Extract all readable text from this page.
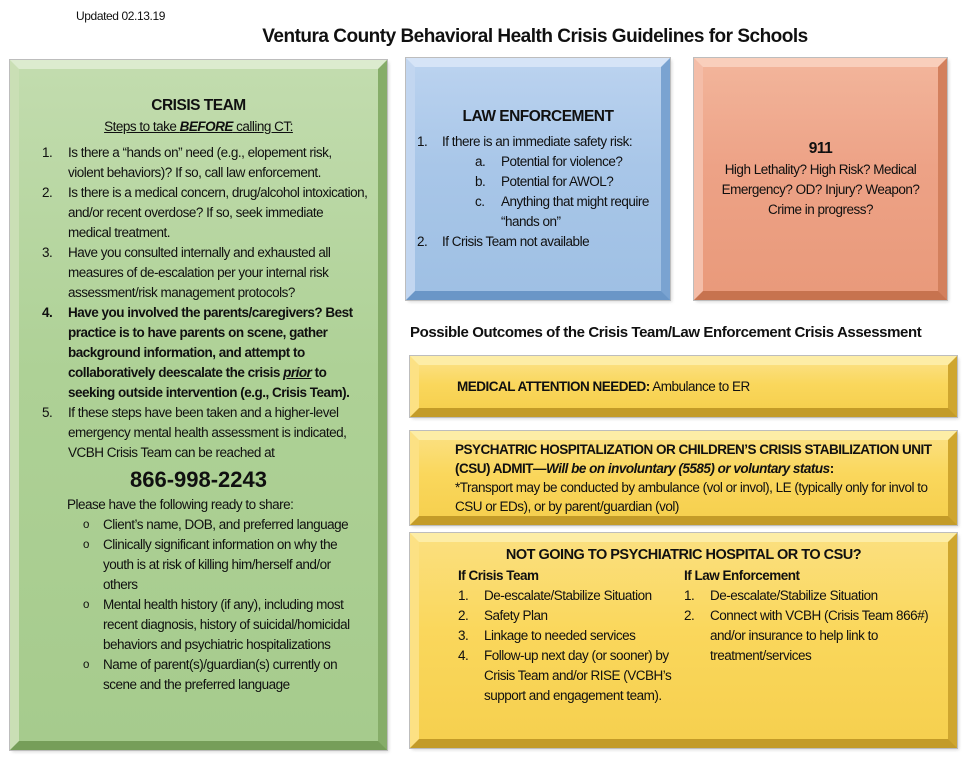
Updated 02.13.19
Ventura County Behavioral Health Crisis Guidelines for Schools
CRISIS TEAM
Steps to take BEFORE calling CT:
1.	Is there a “hands on” need (e.g., elopement risk, violent behaviors)? If so, call law enforcement.
2.	Is there is a medical concern, drug/alcohol intoxication, and/or recent overdose? If so, seek immediate medical treatment.
3.	Have you consulted internally and exhausted all measures of de-escalation per your internal risk assessment/risk management protocols?
4.	Have you involved the parents/caregivers? Best practice is to have parents on scene, gather background information, and attempt to collaboratively deescalate the crisis prior to seeking outside intervention (e.g., Crisis Team).
5.	If these steps have been taken and a higher-level emergency mental health assessment is indicated, VCBH Crisis Team can be reached at
866-998-2243
Please have the following ready to share:
o	Client’s name, DOB, and preferred language
o	Clinically significant information on why the youth is at risk of killing him/herself and/or others
o	Mental health history (if any), including most recent diagnosis, history of suicidal/homicidal behaviors and psychiatric hospitalizations
o	Name of parent(s)/guardian(s) currently on scene and the preferred language
LAW ENFORCEMENT
1.	If there is an immediate safety risk:
a.	Potential for violence?
b.	Potential for AWOL?
c.	Anything that might require “hands on”
2.	If Crisis Team not available
911
High Lethality? High Risk? Medical Emergency? OD? Injury? Weapon? Crime in progress?
Possible Outcomes of the Crisis Team/Law Enforcement Crisis Assessment
MEDICAL ATTENTION NEEDED: Ambulance to ER
PSYCHATRIC HOSPITALIZATION OR CHILDREN’S CRISIS STABILIZATION UNIT (CSU) ADMIT—Will be on involuntary (5585) or voluntary status:
*Transport may be conducted by ambulance (vol or invol), LE (typically only for invol to CSU or EDs), or by parent/guardian (vol)
NOT GOING TO PSYCHIATRIC HOSPITAL OR TO CSU?
If Crisis Team
1.	De-escalate/Stabilize Situation
2.	Safety Plan
3.	Linkage to needed services
4.	Follow-up next day (or sooner) by Crisis Team and/or RISE (VCBH’s support and engagement team).
If Law Enforcement
1.	De-escalate/Stabilize Situation
2.	Connect with VCBH (Crisis Team 866#) and/or insurance to help link to treatment/services
